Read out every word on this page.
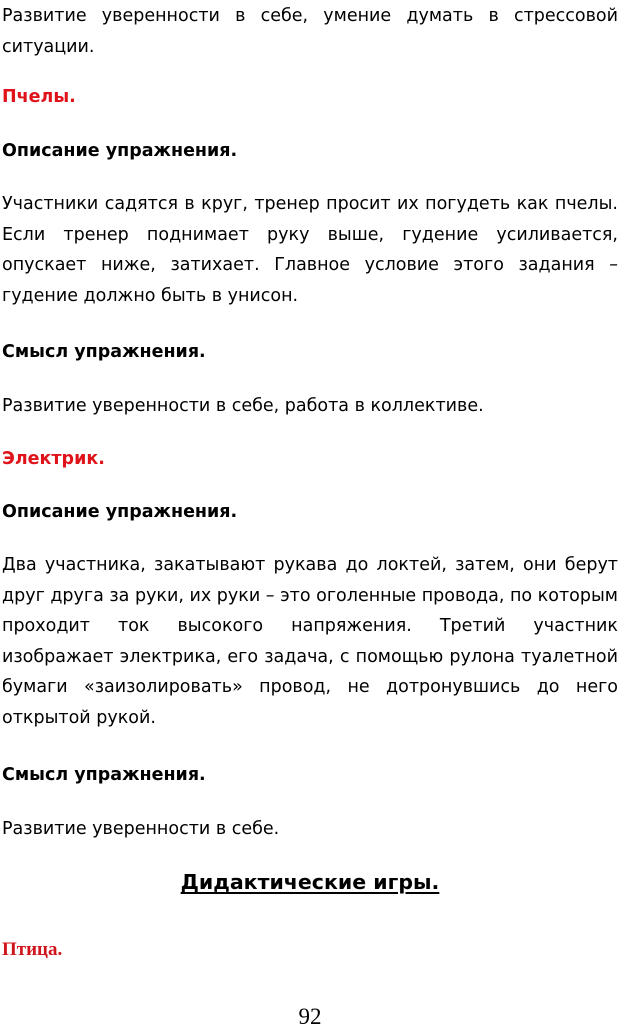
Развитие уверенности в себе, умение думать в стрессовой ситуации.

Пчелы.
Описание упражнения.

Участники садятся в круг, тренер просит их погудеть как пчелы. Если тренер поднимает руку выше, гудение усиливается, опускает ниже, затихает. Главное условие этого задания – гудение должно быть в унисон.

Смысл упражнения.

Развитие уверенности в себе, работа в коллективе.

Электрик.
Описание упражнения.

Два участника, закатывают рукава до локтей, затем, они берут друг друга за руки, их руки – это оголенные провода, по которым проходит ток высокого напряжения. Третий участник изображает электрика, его задача, с помощью рулона туалетной бумаги «заизолировать» провод, не дотронувшись до него открытой рукой.

Смысл упражнения.

Развитие уверенности в себе.

Дидактические игры.
Птица.
92
